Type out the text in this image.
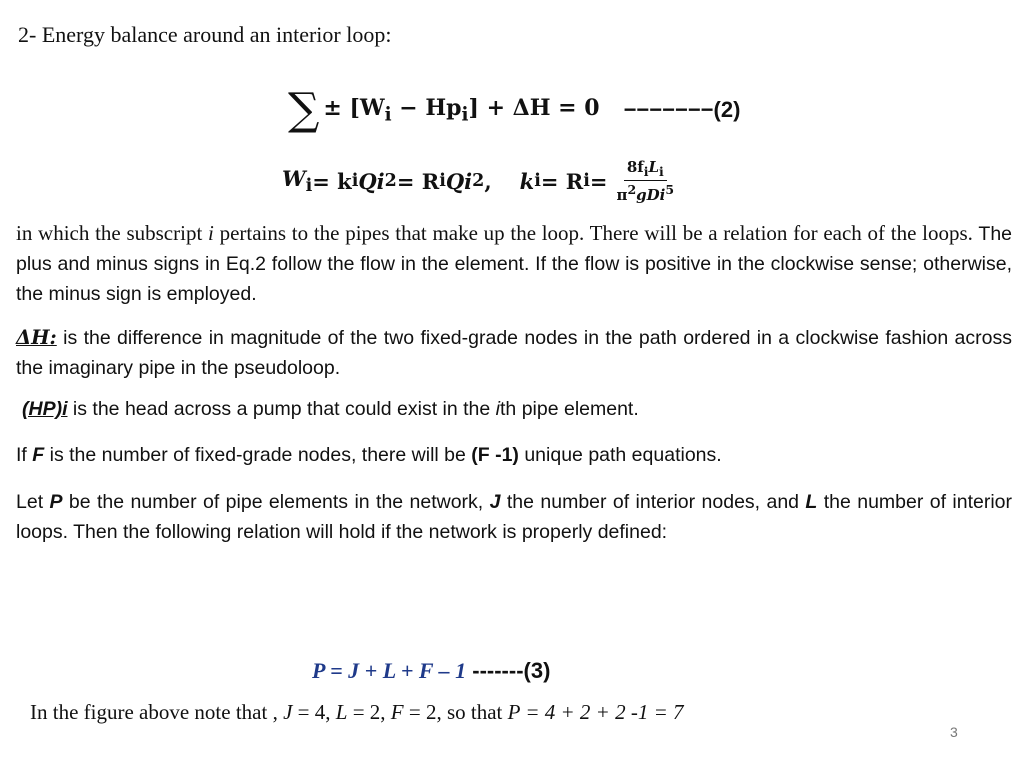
2- Energy balance around an interior loop:
∑ ± $[W_i - Hp_i] + \Delta H = 0 -------(2)$
$W_i = k$ i Qi 2 = R i Qi 2 , k i = R $i = \frac{8f_iL_i}{\pi^2gDi^5}$
in which the subscript i pertains to the pipes that make up the loop. There will be a relation for each of the loops. The plus and minus signs in Eq.2 follow the flow in the element. If the flow is positive in the clockwise sense; otherwise, the minus sign is employed.
ΔH: is the difference in magnitude of the two fixed-grade nodes in the path ordered in a clockwise fashion across the imaginary pipe in the pseudoloop.
(HP)i is the head across a pump that could exist in the ith pipe element.
If F is the number of fixed-grade nodes, there will be (F -1) unique path equations.
Let P be the number of pipe elements in the network, J the number of interior nodes, and L the number of interior loops. Then the following relation will hold if the network is properly defined:
P = J + L + F – 1 -------(3)
In the figure above note that , J = 4, L = 2, F = 2, so that P = 4 + 2 + 2 -1 = 7
3
